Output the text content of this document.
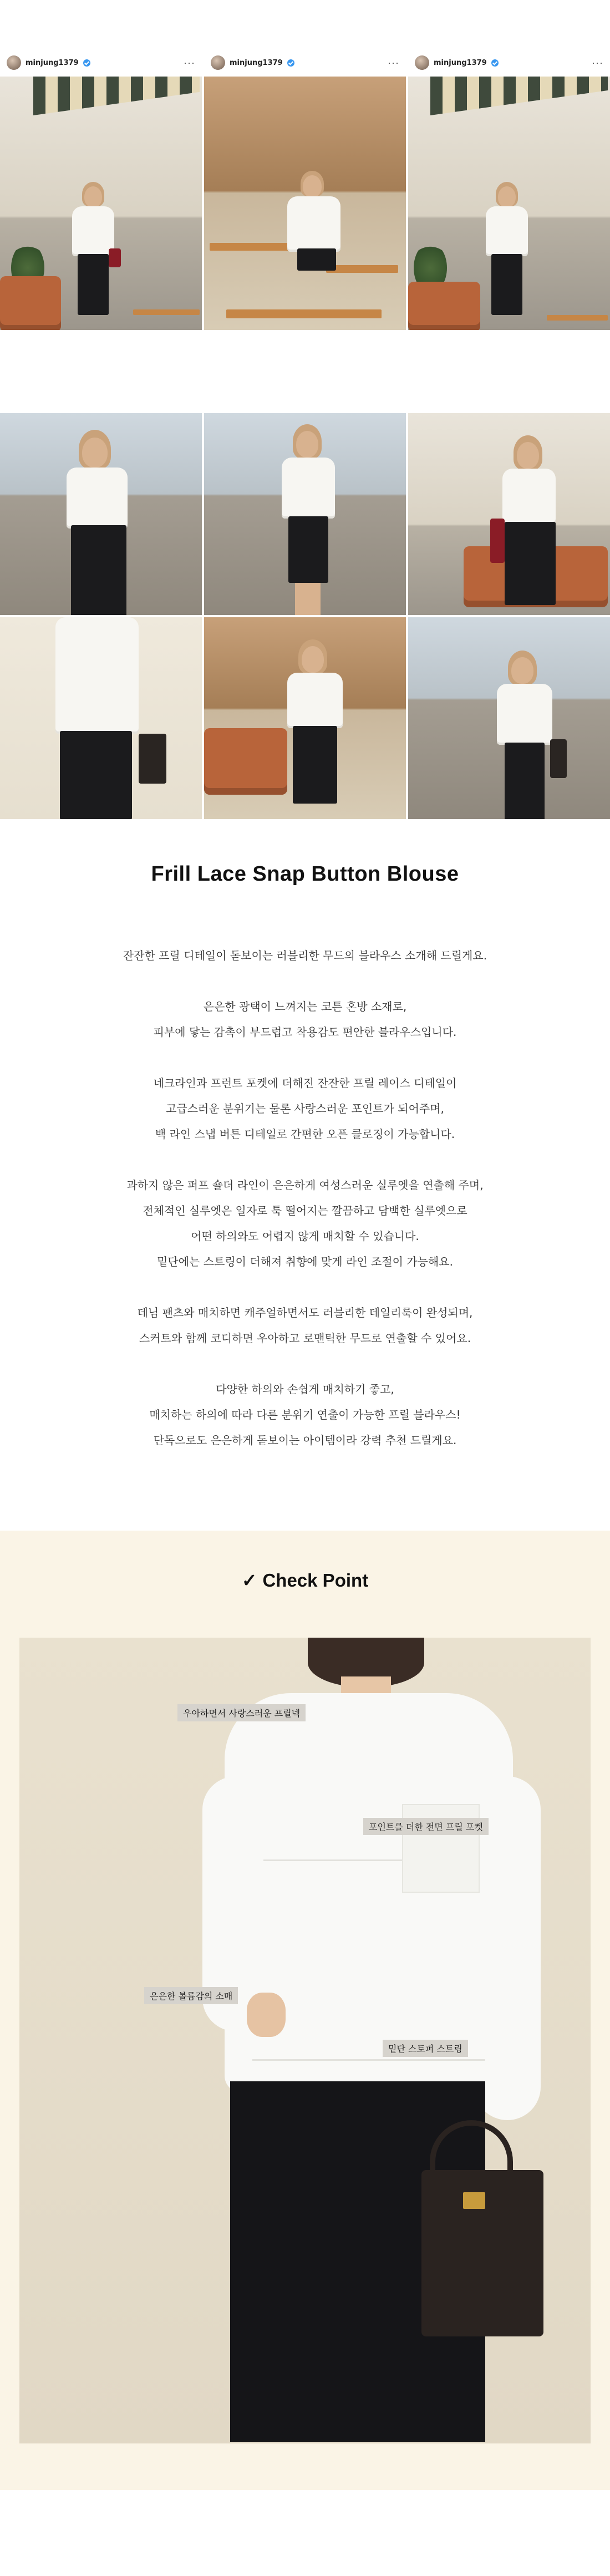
minjung1379	···	minjung1379	···	minjung1379	···
Frill Lace Snap Button Blouse

잔잔한 프릴 디테일이 돋보이는 러블리한 무드의 블라우스 소개해 드릴게요.

은은한 광택이 느껴지는 코튼 혼방 소재로,

피부에 닿는 감촉이 부드럽고 착용감도 편안한 블라우스입니다.

네크라인과 프런트 포켓에 더해진 잔잔한 프릴 레이스 디테일이

고급스러운 분위기는 물론 사랑스러운 포인트가 되어주며,

백 라인 스냅 버튼 디테일로 간편한 오픈 클로징이 가능합니다.

과하지 않은 퍼프 숄더 라인이 은은하게 여성스러운 실루엣을 연출해 주며,

전체적인 실루엣은 일자로 툭 떨어지는 깔끔하고 담백한 실루엣으로

어떤 하의와도 어렵지 않게 매치할 수 있습니다.

밑단에는 스트링이 더해져 취향에 맞게 라인 조절이 가능해요.

데님 팬츠와 매치하면 캐주얼하면서도 러블리한 데일리룩이 완성되며,

스커트와 함께 코디하면 우아하고 로맨틱한 무드로 연출할 수 있어요.

다양한 하의와 손쉽게 매치하기 좋고,

매치하는 하의에 따라 다른 분위기 연출이 가능한 프릴 블라우스!

단독으로도 은은하게 돋보이는 아이템이라 강력 추천 드릴게요.

✓ Check Point
우아하면서 사랑스러운 프릴넥
포인트를 더한 전면 프릴 포켓
은은한 볼륨감의 소매
밑단 스토퍼 스트링
